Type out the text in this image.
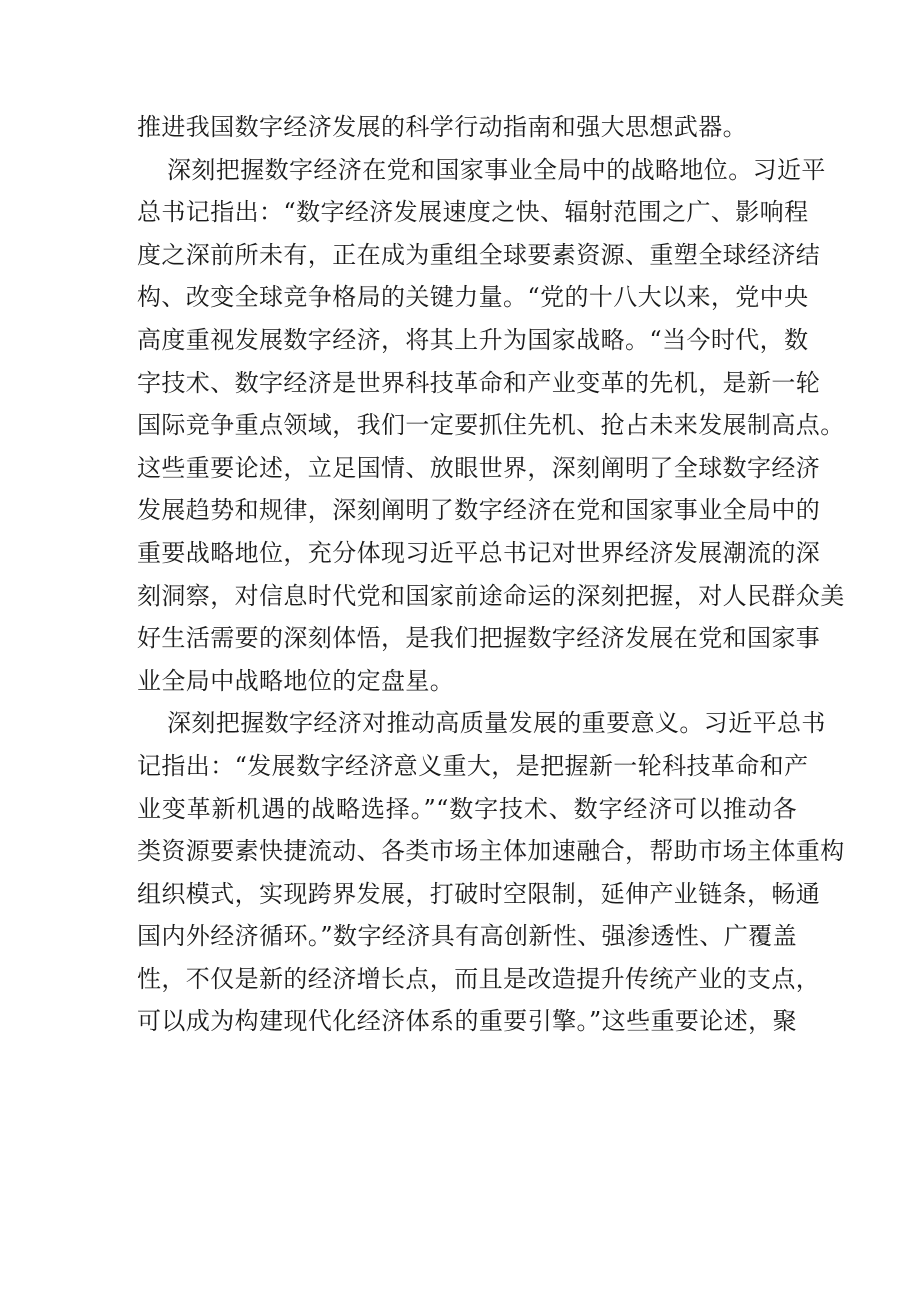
推进我国数字经济发展的科学行动指南和强大思想武器。
深刻把握数字经济在党和国家事业全局中的战略地位。习近平
总书记指出：“数字经济发展速度之快、辐射范围之广、影响程
度之深前所未有，正在成为重组全球要素资源、重塑全球经济结
构、改变全球竞争格局的关键力量。“党的十八大以来，党中央
高度重视发展数字经济，将其上升为国家战略。“当今时代，数
字技术、数字经济是世界科技革命和产业变革的先机，是新一轮
国际竞争重点领域，我们一定要抓住先机、抢占未来发展制高点。
这些重要论述，立足国情、放眼世界，深刻阐明了全球数字经济
发展趋势和规律，深刻阐明了数字经济在党和国家事业全局中的
重要战略地位，充分体现习近平总书记对世界经济发展潮流的深
刻洞察，对信息时代党和国家前途命运的深刻把握，对人民群众美
好生活需要的深刻体悟，是我们把握数字经济发展在党和国家事
业全局中战略地位的定盘星。
深刻把握数字经济对推动高质量发展的重要意义。习近平总书
记指出：“发展数字经济意义重大，是把握新一轮科技革命和产
业变革新机遇的战略选择。”“数字技术、数字经济可以推动各
类资源要素快捷流动、各类市场主体加速融合，帮助市场主体重构
组织模式，实现跨界发展，打破时空限制，延伸产业链条，畅通
国内外经济循环。”数字经济具有高创新性、强渗透性、广覆盖
性，不仅是新的经济增长点，而且是改造提升传统产业的支点，
可以成为构建现代化经济体系的重要引擎。”这些重要论述，聚
